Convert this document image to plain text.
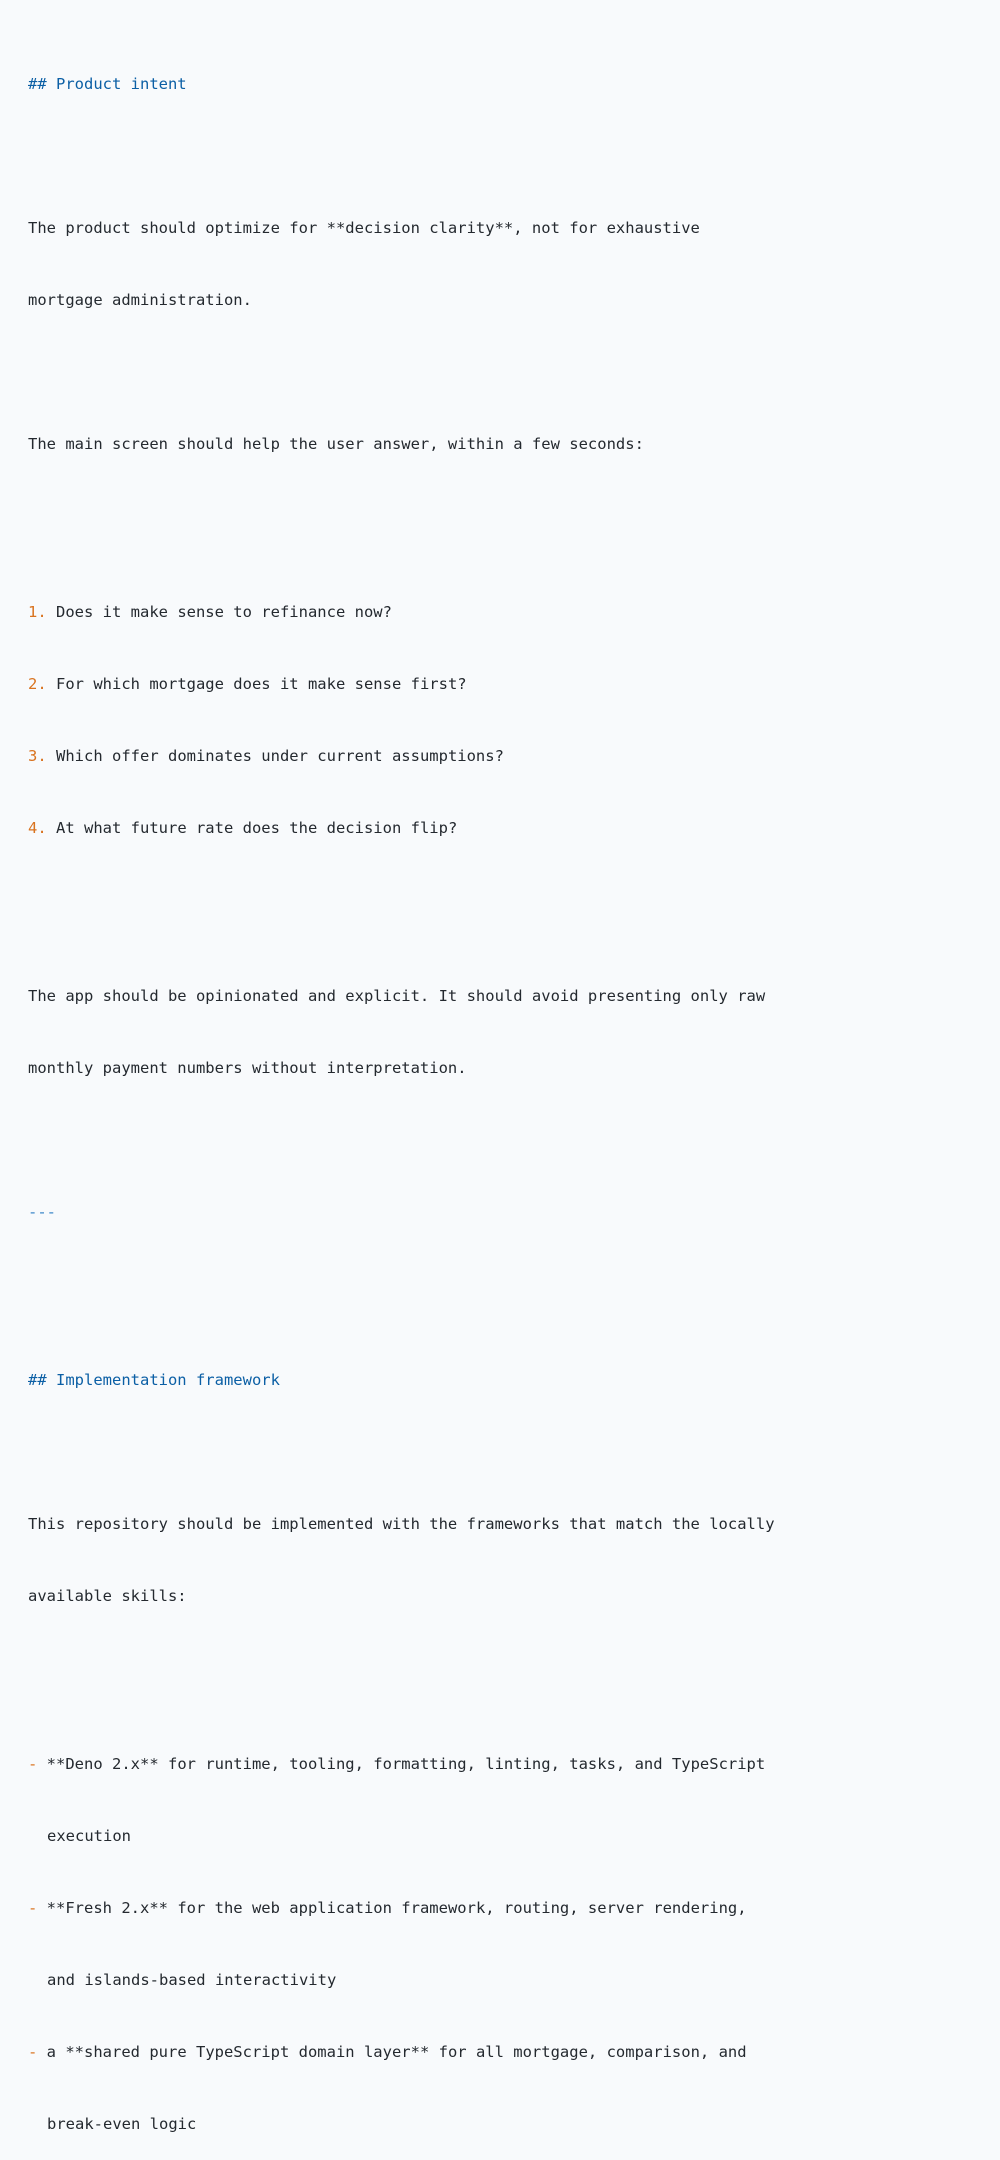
## Product intent

The product should optimize for **decision clarity**, not for exhaustive

mortgage administration.

The main screen should help the user answer, within a few seconds:

1. Does it make sense to refinance now?

2. For which mortgage does it make sense first?

3. Which offer dominates under current assumptions?

4. At what future rate does the decision flip?

The app should be opinionated and explicit. It should avoid presenting only raw

monthly payment numbers without interpretation.

---

## Implementation framework

This repository should be implemented with the frameworks that match the locally

available skills:

- **Deno 2.x** for runtime, tooling, formatting, linting, tasks, and TypeScript

execution

- **Fresh 2.x** for the web application framework, routing, server rendering,

and islands-based interactivity

- a **shared pure TypeScript domain layer** for all mortgage, comparison, and

break-even logic
